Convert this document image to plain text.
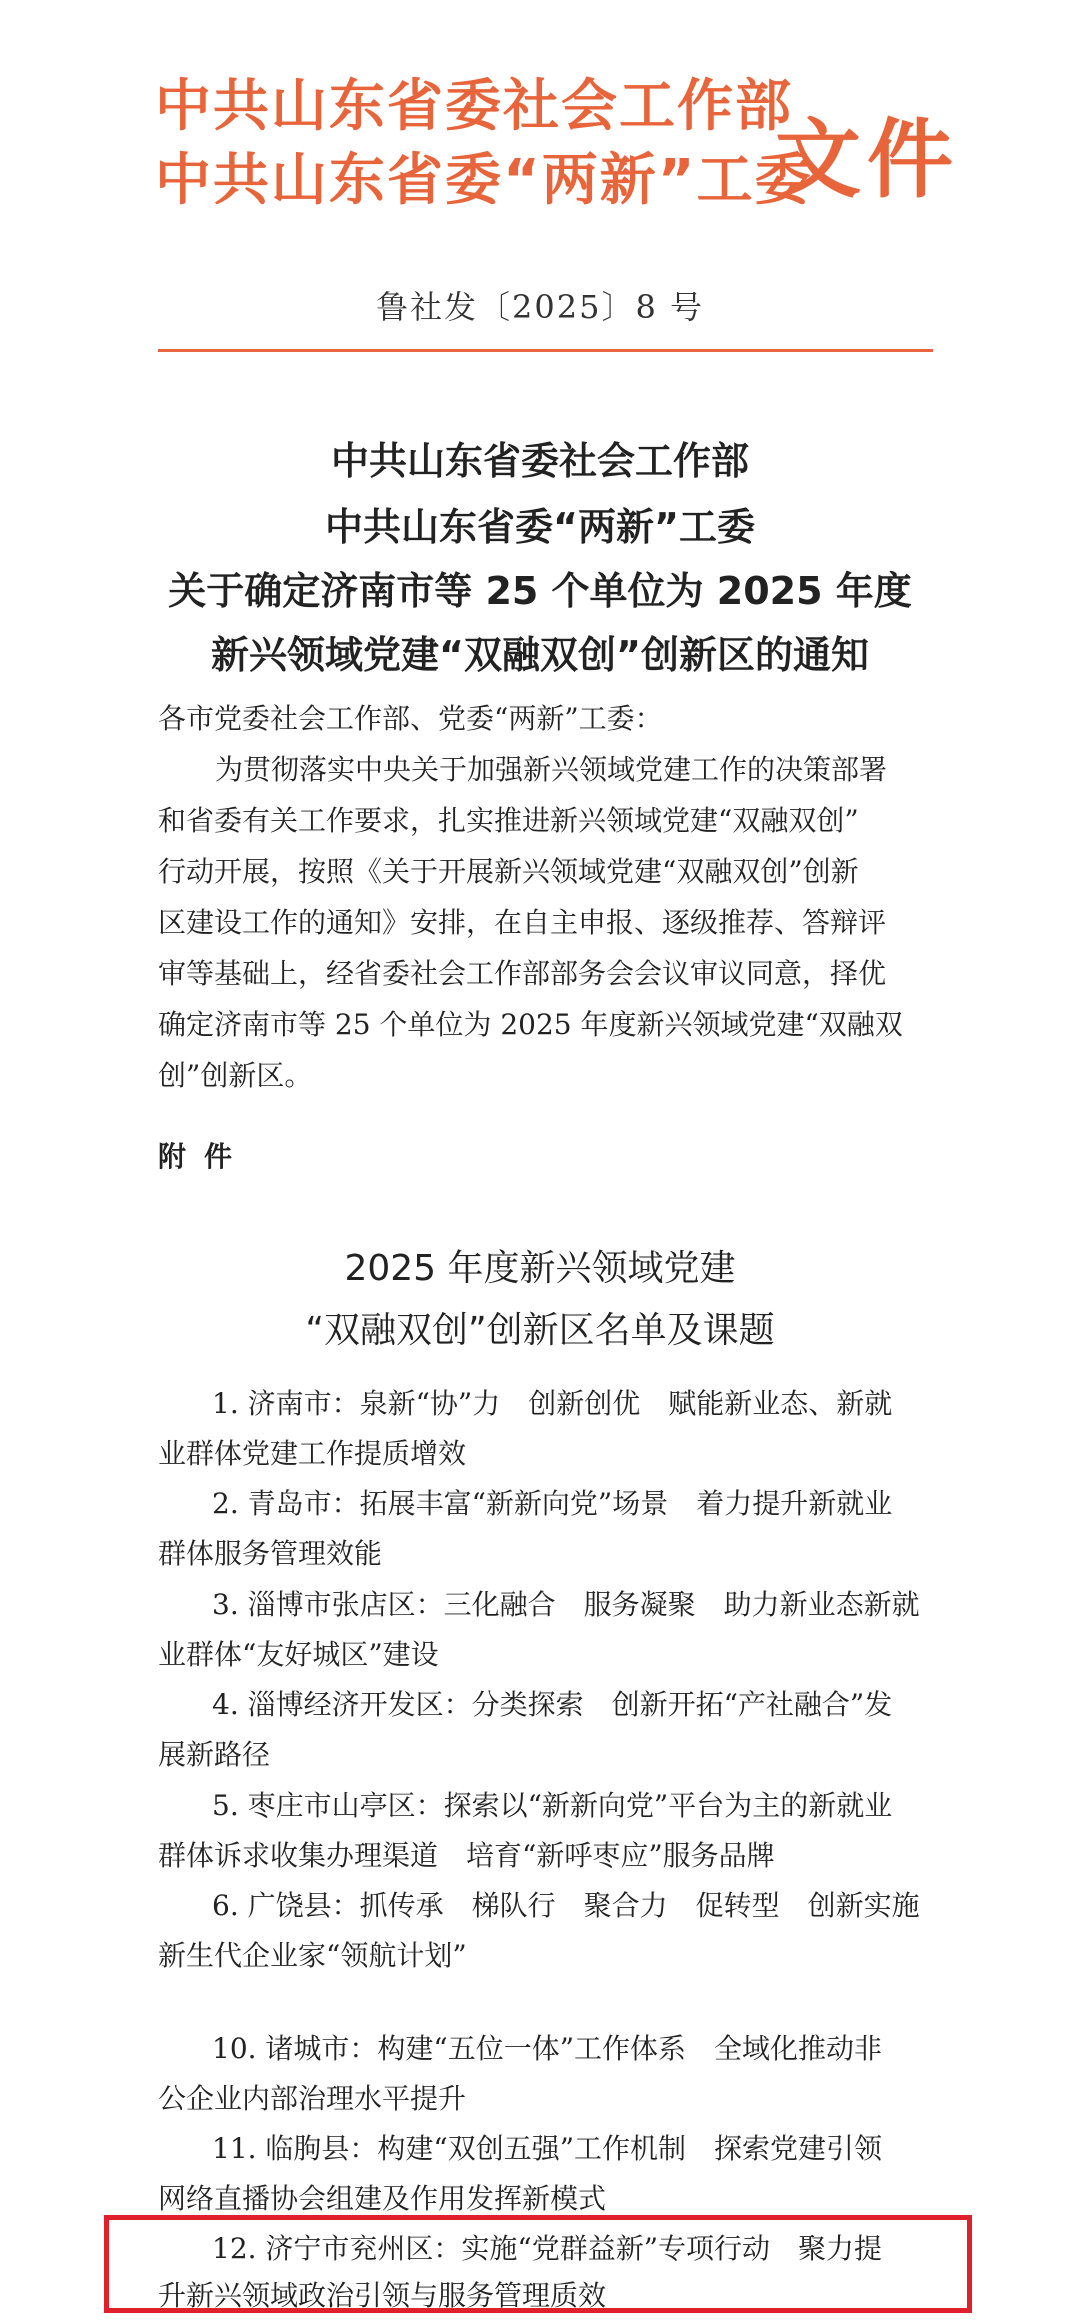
中共山东省委社会工作部
中共山东省委“两新”工委
文件
鲁社发〔2025〕8 号
中共山东省委社会工作部
中共山东省委“两新”工委
关于确定济南市等 25 个单位为 2025 年度
新兴领域党建“双融双创”创新区的通知
各市党委社会工作部、党委“两新”工委：
为贯彻落实中央关于加强新兴领域党建工作的决策部署
和省委有关工作要求，扎实推进新兴领域党建“双融双创”
行动开展，按照《关于开展新兴领域党建“双融双创”创新
区建设工作的通知》安排，在自主申报、逐级推荐、答辩评
审等基础上，经省委社会工作部部务会会议审议同意，择优
确定济南市等 25 个单位为 2025 年度新兴领域党建“双融双
创”创新区。
附件
2025 年度新兴领域党建
“双融双创”创新区名单及课题
1. 济南市：泉新“协”力　创新创优　赋能新业态、新就
业群体党建工作提质增效
2. 青岛市：拓展丰富“新新向党”场景　着力提升新就业
群体服务管理效能
3. 淄博市张店区：三化融合　服务凝聚　助力新业态新就
业群体“友好城区”建设
4. 淄博经济开发区：分类探索　创新开拓“产社融合”发
展新路径
5. 枣庄市山亭区：探索以“新新向党”平台为主的新就业
群体诉求收集办理渠道　培育“新呼枣应”服务品牌
6. 广饶县：抓传承　梯队行　聚合力　促转型　创新实施
新生代企业家“领航计划”
10. 诸城市：构建“五位一体”工作体系　全域化推动非
公企业内部治理水平提升
11. 临朐县：构建“双创五强”工作机制　探索党建引领
网络直播协会组建及作用发挥新模式
12. 济宁市兖州区：实施“党群益新”专项行动　聚力提
升新兴领域政治引领与服务管理质效
